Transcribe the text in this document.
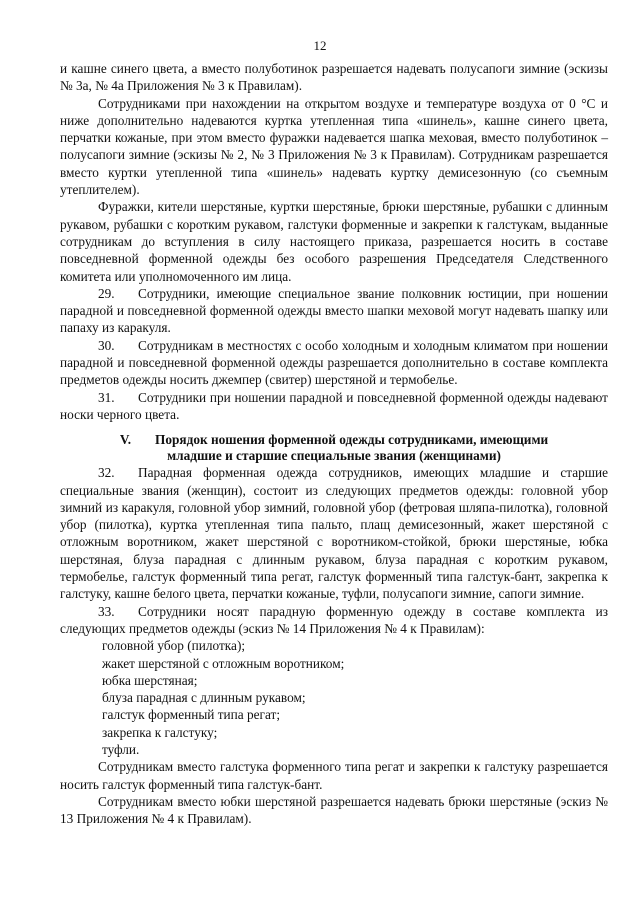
12

и кашне синего цвета, а вместо полуботинок разрешается надевать полусапоги зимние (эскизы № 3а, № 4а Приложения № 3 к Правилам).

Сотрудниками при нахождении на открытом воздухе и температуре воздуха от 0 °С и ниже дополнительно надеваются куртка утепленная типа «шинель», кашне синего цвета, перчатки кожаные, при этом вместо фуражки надевается шапка меховая, вместо полуботинок – полусапоги зимние (эскизы № 2, № 3 Приложения № 3 к Правилам). Сотрудникам разрешается вместо куртки утепленной типа «шинель» надевать куртку демисезонную (со съемным утеплителем).

Фуражки, кители шерстяные, куртки шерстяные, брюки шерстяные, рубашки с длинным рукавом, рубашки с коротким рукавом, галстуки форменные и закрепки к галстукам, выданные сотрудникам до вступления в силу настоящего приказа, разрешается носить в составе повседневной форменной одежды без особого разрешения Председателя Следственного комитета или уполномоченного им лица.

29. Сотрудники, имеющие специальное звание полковник юстиции, при ношении парадной и повседневной форменной одежды вместо шапки меховой могут надевать шапку или папаху из каракуля.

30. Сотрудникам в местностях с особо холодным и холодным климатом при ношении парадной и повседневной форменной одежды разрешается дополнительно в составе комплекта предметов одежды носить джемпер (свитер) шерстяной и термобелье.

31. Сотрудники при ношении парадной и повседневной форменной одежды надевают носки черного цвета.

V. Порядок ношения форменной одежды сотрудниками, имеющими
младшие и старшие специальные звания (женщинами)

32. Парадная форменная одежда сотрудников, имеющих младшие и старшие специальные звания (женщин), состоит из следующих предметов одежды: головной убор зимний из каракуля, головной убор зимний, головной убор (фетровая шляпа-пилотка), головной убор (пилотка), куртка утепленная типа пальто, плащ демисезонный, жакет шерстяной с отложным воротником, жакет шерстяной с воротником-стойкой, брюки шерстяные, юбка шерстяная, блуза парадная с длинным рукавом, блуза парадная с коротким рукавом, термобелье, галстук форменный типа регат, галстук форменный типа галстук-бант, закрепка к галстуку, кашне белого цвета, перчатки кожаные, туфли, полусапоги зимние, сапоги зимние.

33. Сотрудники носят парадную форменную одежду в составе комплекта из следующих предметов одежды (эскиз № 14 Приложения № 4 к Правилам):

головной убор (пилотка);

жакет шерстяной с отложным воротником;

юбка шерстяная;

блуза парадная с длинным рукавом;

галстук форменный типа регат;

закрепка к галстуку;

туфли.

Сотрудникам вместо галстука форменного типа регат и закрепки к галстуку разрешается носить галстук форменный типа галстук-бант.

Сотрудникам вместо юбки шерстяной разрешается надевать брюки шерстяные (эскиз № 13 Приложения № 4 к Правилам).
